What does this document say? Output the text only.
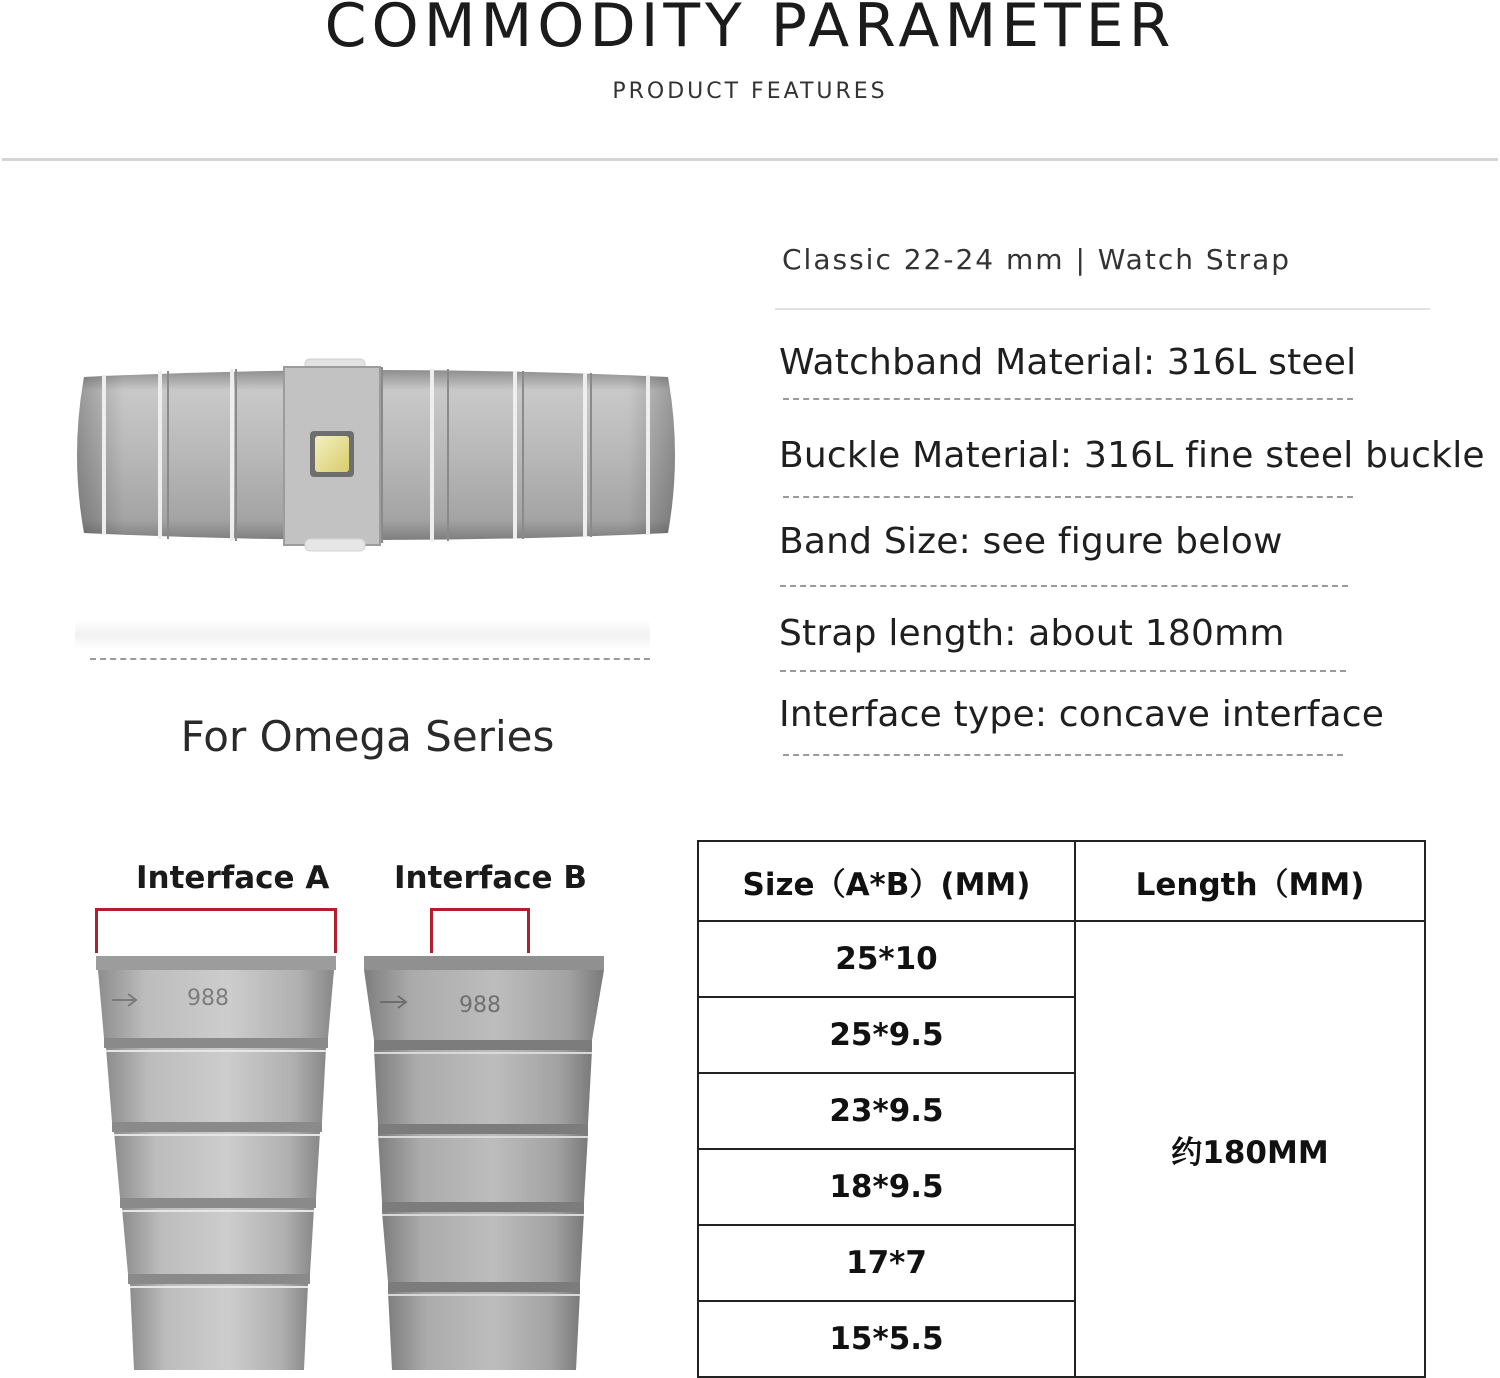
COMMODITY PARAMETER
PRODUCT FEATURES
For Omega Series
Classic 22-24 mm | Watch Strap
Watchband Material: 316L steel
Buckle Material: 316L fine steel buckle
Band Size: see figure below
Strap length: about 180mm
Interface type: concave interface
Interface A Interface B
988	988
Size（A*B）(MM)	Length（MM)
25*10	约180MM
25*9.5	
23*9.5	
18*9.5	
17*7	
15*5.5	
